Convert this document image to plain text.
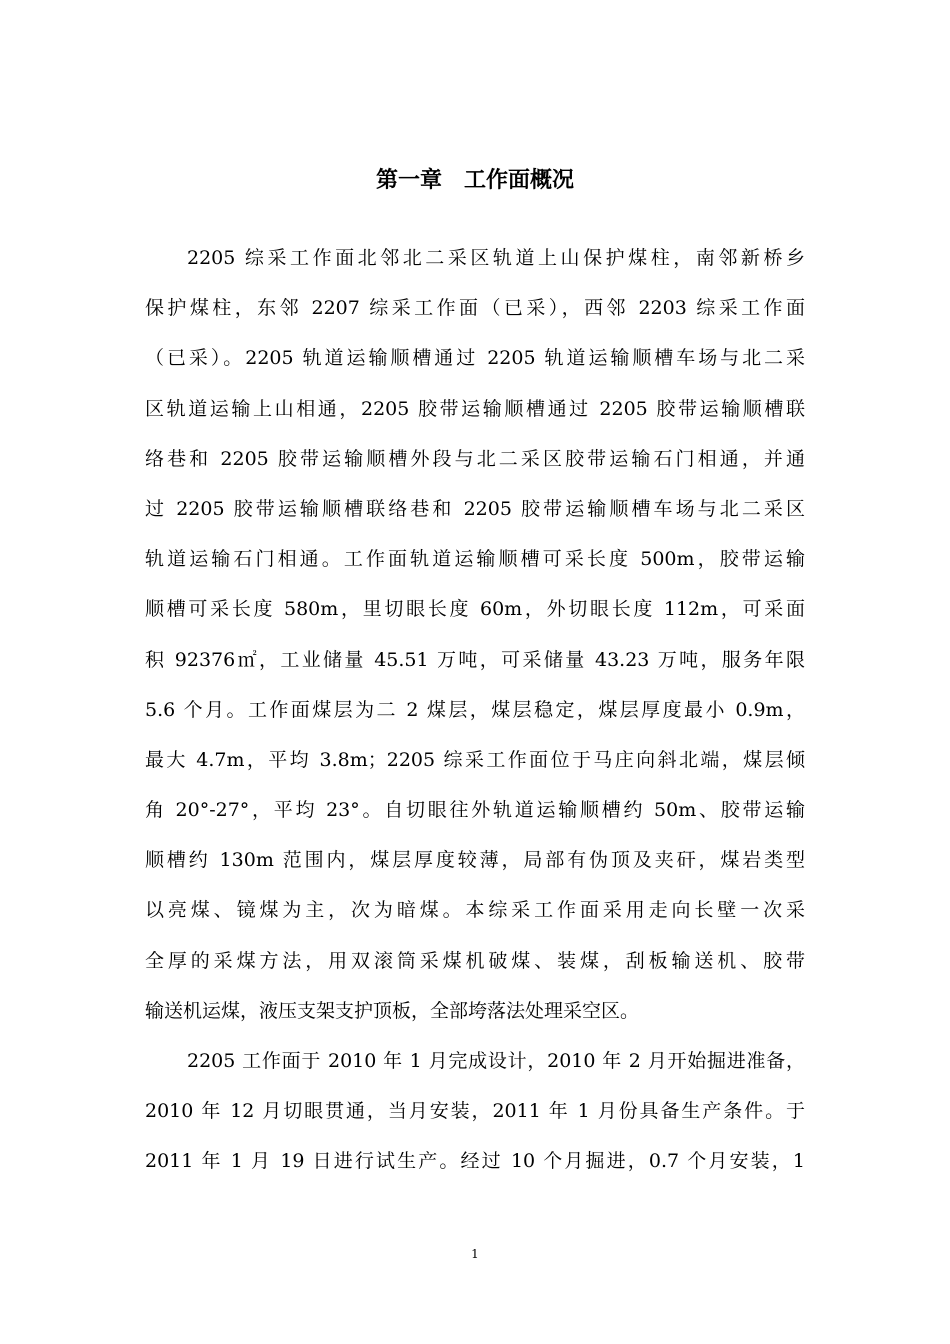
第一章　工作面概况
2205 综采工作面北邻北二采区轨道上山保护煤柱，南邻新桥乡
保护煤柱，东邻 2207 综采工作面（已采），西邻 2203 综采工作面
（已采）。2205 轨道运输顺槽通过 2205 轨道运输顺槽车场与北二采
区轨道运输上山相通，2205 胶带运输顺槽通过 2205 胶带运输顺槽联
络巷和 2205 胶带运输顺槽外段与北二采区胶带运输石门相通，并通
过 2205 胶带运输顺槽联络巷和 2205 胶带运输顺槽车场与北二采区
轨道运输石门相通。工作面轨道运输顺槽可采长度 500m，胶带运输
顺槽可采长度 580m，里切眼长度 60m，外切眼长度 112m，可采面
积 92376㎡，工业储量 45.51 万吨，可采储量 43.23 万吨，服务年限
5.6 个月。工作面煤层为二 2 煤层，煤层稳定，煤层厚度最小 0.9m，
最大 4.7m，平均 3.8m；2205 综采工作面位于马庄向斜北端，煤层倾
角 20°-27°，平均 23°。自切眼往外轨道运输顺槽约 50m、胶带运输
顺槽约 130m 范围内，煤层厚度较薄，局部有伪顶及夹矸，煤岩类型
以亮煤、镜煤为主，次为暗煤。本综采工作面采用走向长壁一次采
全厚的采煤方法，用双滚筒采煤机破煤、装煤，刮板输送机、胶带
输送机运煤，液压支架支护顶板，全部垮落法处理采空区。
2205 工作面于 2010 年 1 月完成设计，2010 年 2 月开始掘进准备，
2010 年 12 月切眼贯通，当月安装，2011 年 1 月份具备生产条件。于
2011 年 1 月 19 日进行试生产。经过 10 个月掘进，0.7 个月安装，1
1
